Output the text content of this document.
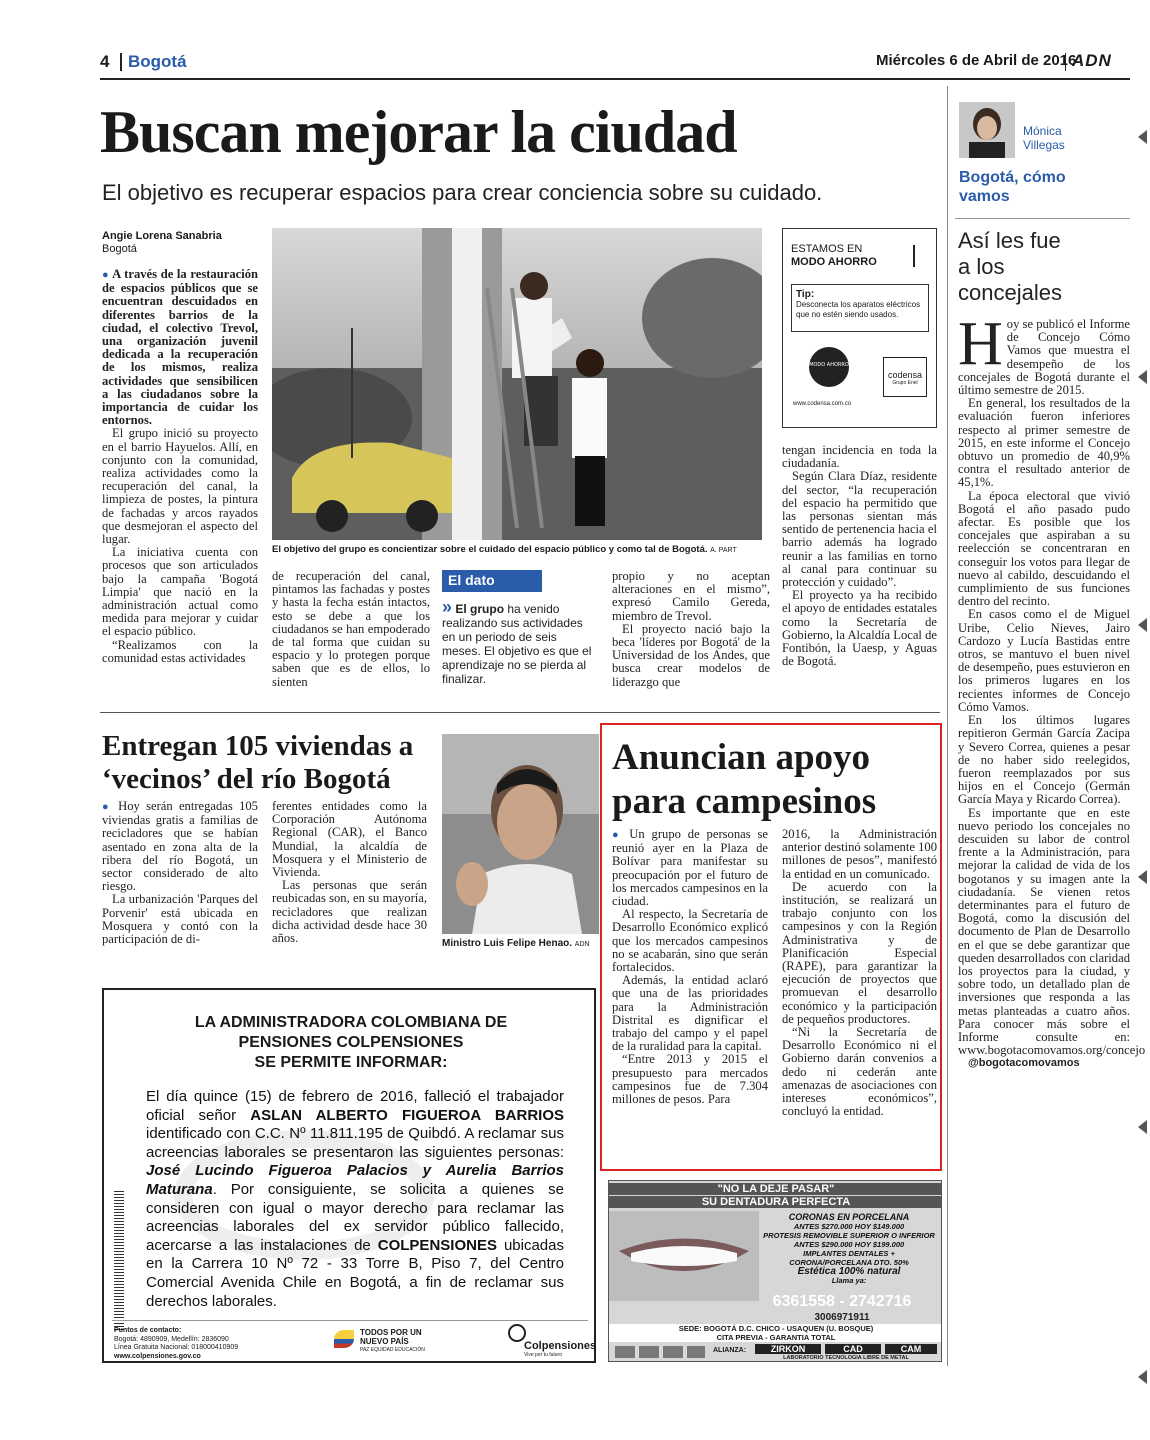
4 Bogotá	Miércoles 6 de Abril de 2016
ADN
Buscan mejorar la ciudad
El objetivo es recuperar espacios para crear conciencia sobre su cuidado.
Angie Lorena Sanabria
Bogotá
El objetivo del grupo es concientizar sobre el cuidado del espacio público y como tal de Bogotá. A. PART

● A través de la restauración de espacios públicos que se encuentran descuidados en diferentes barrios de la ciudad, el colectivo Trevol, una organización juvenil dedicada a la recuperación de los mismos, realiza actividades que sensibilicen a las ciudadanos sobre la importancia de cuidar los entornos.

El grupo inició su proyecto en el barrio Hayuelos. Allí, en conjunto con la comunidad, realiza actividades como la recuperación del canal, la limpieza de postes, la pintura de fachadas y arcos rayados que desmejoran el aspecto del lugar.

La iniciativa cuenta con procesos que son articulados bajo la campaña 'Bogotá Limpia' que nació en la administración actual como medida para mejorar y cuidar el espacio público.

“Realizamos con la comunidad estas actividades

de recuperación del canal, pintamos las fachadas y postes y hasta la fecha están intactos, esto se debe a que los ciudadanos se han empoderado de tal forma que cuidan su espacio y lo protegen porque saben que es de ellos, lo sienten

El dato
» El grupo ha venido realizando sus actividades en un periodo de seis meses. El objetivo es que el aprendizaje no se pierda al finalizar.

propio y no aceptan alteraciones en el mismo”, expresó Camilo Gereda, miembro de Trevol.

El proyecto nació bajo la beca 'líderes por Bogotá' de la Universidad de los Andes, que busca crear modelos de liderazgo que

ESTAMOS EN
MODO AHORRO
Tip:
Desconecta los aparatos eléctricos que no estén siendo usados.
MODO AHORRO
codensa
Grupo Enel
www.codensa.com.co

tengan incidencia en toda la ciudadanía.

Según Clara Díaz, residente del sector, “la recuperación del espacio ha permitido que las personas sientan más sentido de pertenencia hacia el barrio además ha logrado reunir a las familias en torno al canal para continuar su protección y cuidado”.

El proyecto ya ha recibido el apoyo de entidades estatales como la Secretaría de Gobierno, la Alcaldía Local de Fontibón, la Uaesp, y Aguas de Bogotá.

Mónica
Villegas
Bogotá, cómo vamos
Así les fue a los concejales
H oy se publicó el Informe de Concejo Cómo Vamos que muestra el desempeño de los concejales de Bogotá durante el último semestre de 2015.

En general, los resultados de la evaluación fueron inferiores respecto al primer semestre de 2015, en este informe el Concejo obtuvo un promedio de 40,9% contra el resultado anterior de 45,1%.

La época electoral que vivió Bogotá el año pasado pudo afectar. Es posible que los concejales que aspiraban a su reelección se concentraran en conseguir los votos para llegar de nuevo al cabildo, descuidando el cumplimiento de sus funciones dentro del recinto.

En casos como el de Miguel Uribe, Celio Nieves, Jairo Cardozo y Lucía Bastidas entre otros, se mantuvo el buen nivel de desempeño, pues estuvieron en los primeros lugares en los recientes informes de Concejo Cómo Vamos.

En los últimos lugares repitieron Germán García Zacipa y Severo Correa, quienes a pesar de no haber sido reelegidos, fueron reemplazados por sus hijos en el Concejo (Germán García Maya y Ricardo Correa).

Es importante que en este nuevo periodo los concejales no descuiden su labor de control frente a la Administración, para mejorar la calidad de vida de los bogotanos y su imagen ante la ciudadanía. Se vienen retos determinantes para el futuro de Bogotá, como la discusión del documento de Plan de Desarrollo en el que se debe garantizar que queden desarrollados con claridad los proyectos para la ciudad, y sobre todo, un detallado plan de inversiones que responda a las metas planteadas a cuatro años. Para conocer más sobre el Informe consulte en: www.bogotacomovamos.org/concejo

@bogotacomovamos

Entregan 105 viviendas a ‘vecinos’ del río Bogotá

● Hoy serán entregadas 105 viviendas gratis a familias de recicladores que se habían asentado en zona alta de la ribera del río Bogotá, un sector considerado de alto riesgo.

La urbanización 'Parques del Porvenir' está ubicada en Mosquera y contó con la participación de di-

ferentes entidades como la Corporación Autónoma Regional (CAR), el Banco Mundial, la alcaldía de Mosquera y el Ministerio de Vivienda.

Las personas que serán reubicadas son, en su mayoría, recicladores que realizan dicha actividad desde hace 30 años.	Ministro Luis Felipe Henao. ADN
Anuncian apoyo para campesinos

● Un grupo de personas se reunió ayer en la Plaza de Bolívar para manifestar su preocupación por el futuro de los mercados campesinos en la ciudad.

Al respecto, la Secretaría de Desarrollo Económico explicó que los mercados campesinos no se acabarán, sino que serán fortalecidos.

Además, la entidad aclaró que una de las prioridades para la Administración Distrital es dignificar el trabajo del campo y el papel de la ruralidad para la capital.

“Entre 2013 y 2015 el presupuesto para mercados campesinos fue de 7.304 millones de pesos. Para

2016, la Administración anterior destinó solamente 100 millones de pesos”, manifestó la entidad en un comunicado.

De acuerdo con la institución, se realizará un trabajo conjunto con los campesinos y con la Región Administrativa y de Planificación Especial (RAPE), para garantizar la ejecución de proyectos que promuevan el desarrollo económico y la participación de pequeños productores.

“Ni la Secretaría de Desarrollo Económico ni el Gobierno darán convenios a dedo ni cederán ante amenazas de asociaciones con intereses económicos”, concluyó la entidad.

LA ADMINISTRADORA COLOMBIANA DE
PENSIONES COLPENSIONES
SE PERMITE INFORMAR:
El día quince (15) de febrero de 2016, falleció el trabajador oficial señor ASLAN ALBERTO FIGUEROA BARRIOS identificado con C.C. Nº 11.811.195 de Quibdó. A reclamar sus acreencias laborales se presentaron las siguientes personas: José Lucindo Figueroa Palacios y Aurelia Barrios Maturana. Por consiguiente, se solicita a quienes se consideren con igual o mayor derecho para reclamar las acreencias laborales del ex servidor público fallecido, acercarse a las instalaciones de COLPENSIONES ubicadas en la Carrera 10 Nº 72 - 33 Torre B, Piso 7, del Centro Comercial Avenida Chile en Bogotá, a fin de reclamar sus derechos laborales.
Puntos de contacto:
Bogotá: 4890909, Medellín: 2836090
Línea Gratuita Nacional: 018000410909
www.colpensiones.gov.co
TODOS POR UN
NUEVO PAÍS
PAZ EQUIDAD EDUCACIÓN	Colpensiones
Vive por tu futuro
"NO LA DEJE PASAR"
SU DENTADURA PERFECTA
CORONAS EN PORCELANA
ANTES $270.000 HOY $149.000
PROTESIS REMOVIBLE SUPERIOR O INFERIOR
ANTES $290.000 HOY $199.000
IMPLANTES DENTALES +
CORONA/PORCELANA DTO. 50%
Estética 100% natural
Llama ya:
6361558 - 2742716
3006971911
SEDE: BOGOTÁ D.C. CHICO - USAQUEN (U. BOSQUE)
CITA PREVIA - GARANTIA TOTAL
ALIANZA:	ZIRKON	CAD	CAM
LABORATORIO TECNOLOGIA LIBRE DE METAL
